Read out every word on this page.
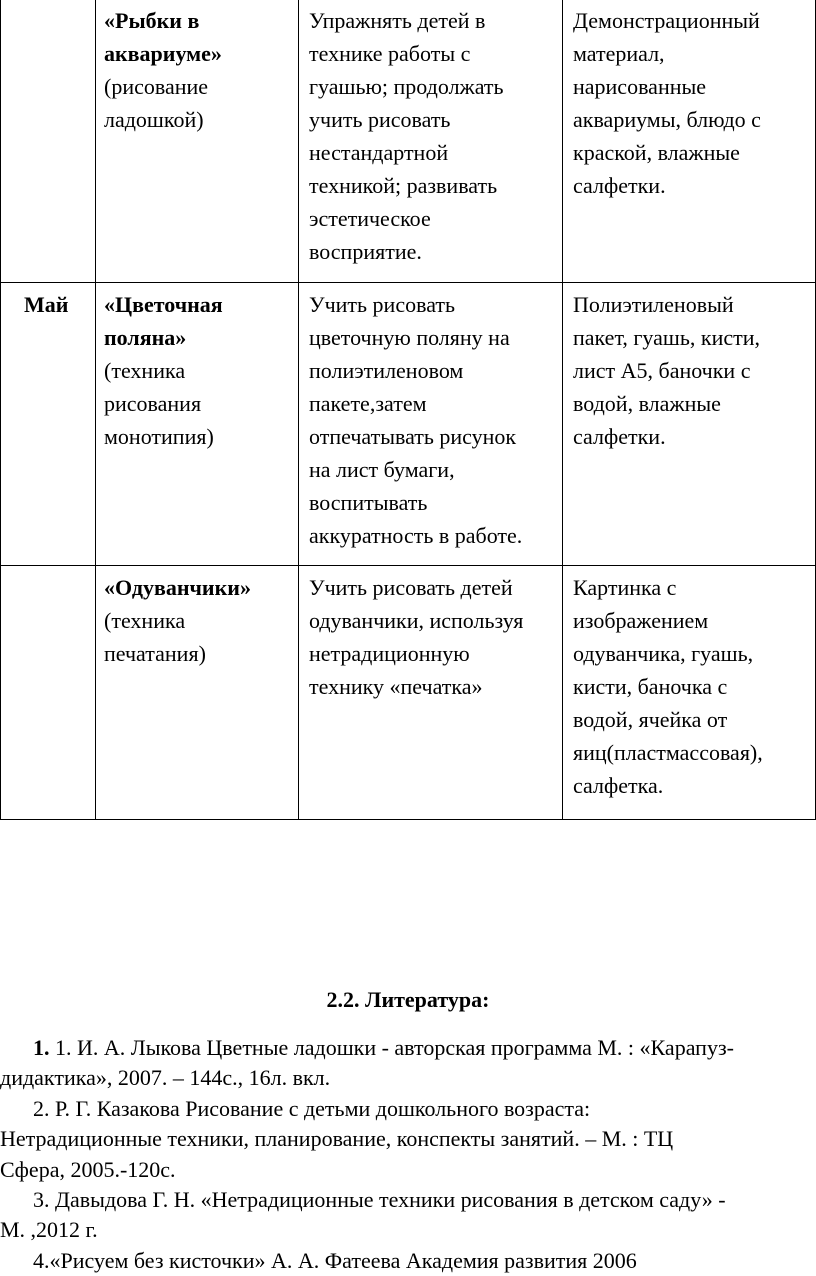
«Рыбки в
аквариуме»
(рисование
ладошкой)
Упражнять детей в
технике работы с
гуашью; продолжать
учить рисовать
нестандартной
техникой; развивать
эстетическое
восприятие.
Демонстрационный
материал,
нарисованные
аквариумы, блюдо с
краской, влажные
салфетки.
Май «Цветочная
поляна»
(техника
рисования
монотипия)
Учить рисовать
цветочную поляну на
полиэтиленовом
пакете,затем
отпечатывать рисунок
на лист бумаги,
воспитывать
аккуратность в работе.
Полиэтиленовый
пакет, гуашь, кисти,
лист А5, баночки с
водой, влажные
салфетки.
«Одуванчики»
(техника
печатания)
Учить рисовать детей
одуванчики, используя
нетрадиционную
технику «печатка»
Картинка с
изображением
одуванчика, гуашь,
кисти, баночка с
водой, ячейка от
яиц(пластмассовая),
салфетка.
2.2. Литература:
1. 1. И. А. Лыкова Цветные ладошки - авторская программа М. : «Карапуз-
дидактика», 2007. – 144с., 16л. вкл.
2. Р. Г. Казакова Рисование с детьми дошкольного возраста:
Нетрадиционные техники, планирование, конспекты занятий. – М. : ТЦ
Сфера, 2005.-120с.
3. Давыдова Г. Н. «Нетрадиционные техники рисования в детском саду» -
М. ,2012 г.
4.«Рисуем без кисточки» А. А. Фатеева Академия развития 2006
